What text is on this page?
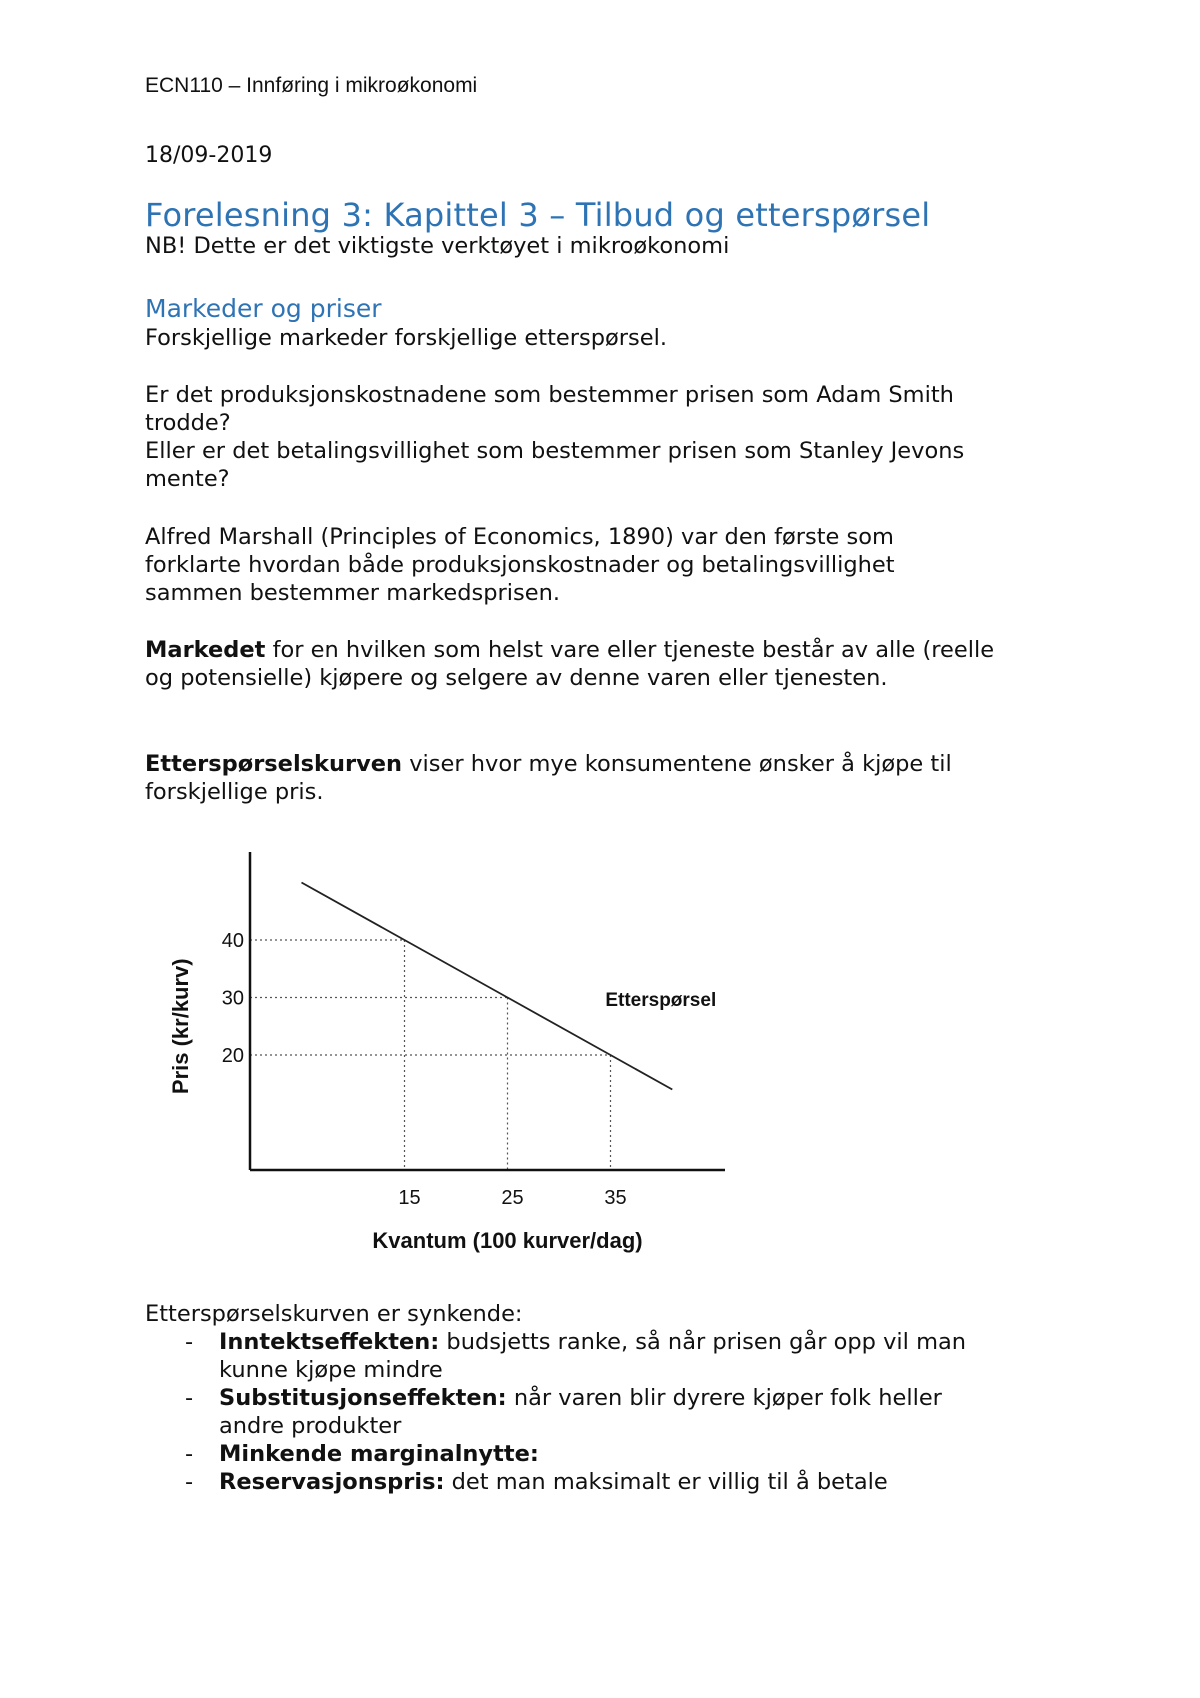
ECN110 – Innføring i mikroøkonomi
18/09-2019
Forelesning 3: Kapittel 3 – Tilbud og etterspørsel
NB! Dette er det viktigste verktøyet i mikroøkonomi
Markeder og priser
Forskjellige markeder forskjellige etterspørsel.
Er det produksjonskostnadene som bestemmer prisen som Adam Smith
trodde?
Eller er det betalingsvillighet som bestemmer prisen som Stanley Jevons
mente?
Alfred Marshall (Principles of Economics, 1890) var den første som
forklarte hvordan både produksjonskostnader og betalingsvillighet
sammen bestemmer markedsprisen.
Markedet for en hvilken som helst vare eller tjeneste består av alle (reelle
og potensielle) kjøpere og selgere av denne varen eller tjenesten.
Etterspørselskurven viser hvor mye konsumentene ønsker å kjøpe til
forskjellige pris.
20
30
40
15	25	35
Etterspørsel
Kvantum (100 kurver/dag)
Pris (kr/kurv)
Etterspørselskurven er synkende:
- Inntektseffekten: budsjetts ranke, så når prisen går opp vil man
kunne kjøpe mindre
- Substitusjonseffekten: når varen blir dyrere kjøper folk heller
andre produkter
- Minkende marginalnytte:
- Reservasjonspris: det man maksimalt er villig til å betale
